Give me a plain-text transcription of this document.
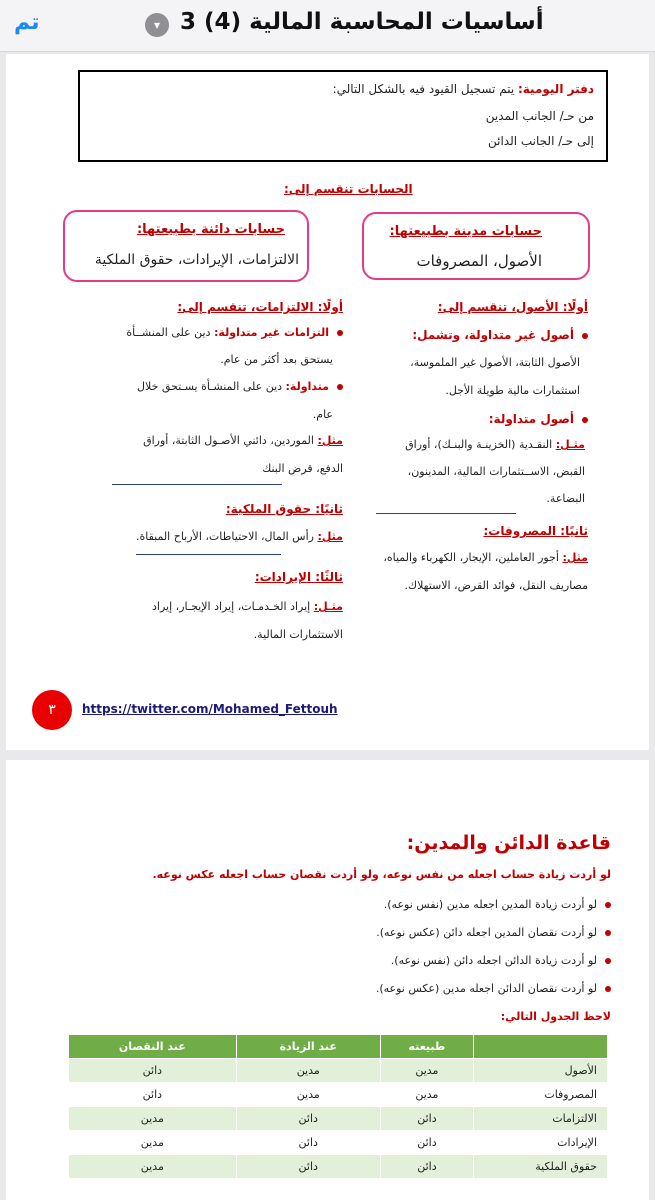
تم	▾ أساسيات المحاسبة المالية (4) 3
دفتر اليومية: يتم تسجيل القيود فيه بالشكل التالي:
من حـ/ الجانب المدين
إلى حـ/ الجانب الدائن
الحسابات تنقسم إلى:
حسابات مدينة بطبيعتها:
الأصول، المصروفات
حسابات دائنة بطبيعتها:
الالتزامات، الإيرادات، حقوق الملكية
أولًا: الأصول، تنقسم إلى:
أصول غير متداولة، وتشمل:
الأصول الثابتة، الأصول غير الملموسة،
استثمارات مالية طويلة الأجل.
أصول متداولة:
مثـل: النقـدية (الخزينـة والبنـك)، أوراق
القبض، الاســتثمارات المالية، المدينون،
البضاعة.
ثانيًا: المصروفات:
مثل: أجور العاملين، الإيجار، الكهرباء والمياه،
مصاريف النقل، فوائد القرض، الاستهلاك.
أولًا: الالتزامات، تنقسم إلى:
التزامات غير متداولة: دين على المنشــأة
يستحق بعد أكثر من عام.
متداولة: دين على المنشـأة يسـتحق خلال
عام.
مثل: الموردين، دائني الأصـول الثابتة، أوراق
الدفع، قرض البنك
ثانيًا: حقوق الملكية:
مثل: رأس المال، الاحتياطات، الأرباح المبقاة.
ثالثًا: الإيرادات:
مثـل: إيراد الخـدمـات، إيراد الإيجـار، إيراد
الاستثمارات المالية.
٣	https://twitter.com/Mohamed_Fettouh
قاعدة الدائن والمدين:
لو أردت زيادة حساب اجعله من نفس نوعه، ولو أردت نقصان حساب اجعله عكس نوعه.
لو أردت زيادة المدين اجعله مدين (نفس نوعه).
لو أردت نقصان المدين اجعله دائن (عكس نوعه).
لو أردت زيادة الدائن اجعله دائن (نفس نوعه).
لو أردت نقصان الدائن اجعله مدين (عكس نوعه).
لاحظ الجدول التالي:
	طبيعته	عند الزيادة	عند النقصان
الأصول	مدين	مدين	دائن
المصروفات	مدين	مدين	دائن
الالتزامات	دائن	دائن	مدين
الإيرادات	دائن	دائن	مدين
حقوق الملكية	دائن	دائن	مدين
